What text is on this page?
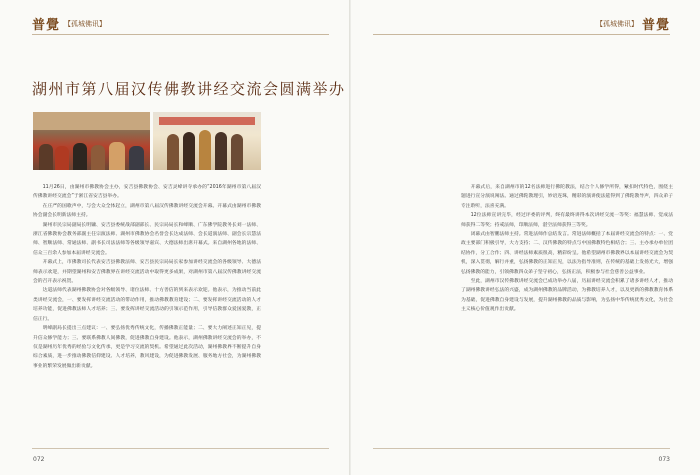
普覺 【孤城佛讯】
湖州市第八届汉传佛教讲经交流会圆满举办

11月26日，由湖州市佛教协会主办，安吉县佛教协会、安吉灵峰讲寺承办的“2016年湖州市第八届汉传佛教讲经交流会”于浙江省安吉县举办。

在庄严的国歌声中，与会大众全体起立，湖州市第八届汉传佛教讲经交流会开幕。开幕式由湖州市佛教协会副会长明新法师主持。

湖州市民宗局副局长明镛、安吉县委统战部副部长、民宗局局长和峰顺、广东佛学院教务长刘一法师、浙江省佛教协会教务部副主任宗演法师、湖州市佛教协会名誉会长达成法师、会长道演法师、副会长宗慧法师、智顺法师、常通法师、副书长司法法师等各级领导嘉宾、大德法师出席开幕式。来自湖州各地的法师、信众三百余人参加本届讲经交流会。

开幕式上，市佛教司长代表安吉县佛教法师、安吉县民宗局局长家参加讲经交流会的各级领导、大德法师表示欢迎，并期望湖州和安吉佛教界在讲经交流活动中取得更多成果，对湖州市第八届汉传佛教讲经交流会的召开表示祝贺。

达道法师代表湖州佛教协会对各级领导、诸位法师、十方善信的到来表示欢迎。他表示，为推动当前此类讲经交流会，一、要发挥讲经交流活动的带动作用，推动佛教教育建设；二、要发挥讲经交流活动的人才培养功能，促进佛教法师人才培养；三、要发挥讲经交流活动的引领示范作用，引导信教群众爱国爱教，正信正行。

明峰副局长提出三点建议：一、要弘扬优秀传统文化，传播佛教正能量；二、要大力阐述正知正见，提升信众修学能力；三、要联系佛教人间佛教，促进佛教自身建设。他表示，湖州佛教讲经交流会的举办，不仅是湖州历年优秀的经验与文化传承，更是学习交流的契机。希望通过此次活动，湖州佛教界不断提升自身综合素质，进一步推动佛教信仰建设、人才培养，教风建设，为促进佛教发展、服务地方社会，为湖州佛教事业的繁荣发展做出新贡献。

072
【孤城佛讯】 普覺

开幕式后，来自湖州市的12名法师进行佛陀教法，结合个人修学所得，紧扣时代特色，围绕主题进行宣分演说阐法。通过佛陀教理引，妙语连珠，精彩的演讲使法筵得到了佛陀教导声，四众弟子专注聆听，法喜充满。

12位法师宣讲完毕，经过评委的评判，终有最终讲得本次讲经交流一等奖：福慧法师、觉成法师获得二等奖；持戒法师，印顺法师，湛空法师获得三等奖。

闭幕式由智鹏法师主持。常进法师作总结发言。常进法师概括了本届讲经交流会的特点：一、党政主要部门积极引导，大力支持；二、汉传佛教的特点与中国佛教特色相结合；三、主办承办单位团结协作，分工合作；四、讲经法师素质很高，精彩纷呈。他希望湖州市佛教界以本届讲经交流会为契机，深入贯彻，解行并重，弘扬佛教的正知正见，以法为指导准则，在传统的基础上发扬光大，增强弘扬佛教的能力，引领佛教四众弟子坚守初心，弘扬正法，积极参与社会慈善公益事业。

至此，湖州市汉传佛教讲经交流会已成功举办八届，历届讲经交流会积累了诸多讲经人才，推动了湖州佛教讲经弘法的兴盛，成为湖州佛教的品牌活动，为佛教培养人才，以及更新的佛教教育体系为基础，促进佛教自身建设与发展，提升湖州佛教的品质与影响，为弘扬中华传统优秀文化，为社会主义核心价值观作出贡献。

073
